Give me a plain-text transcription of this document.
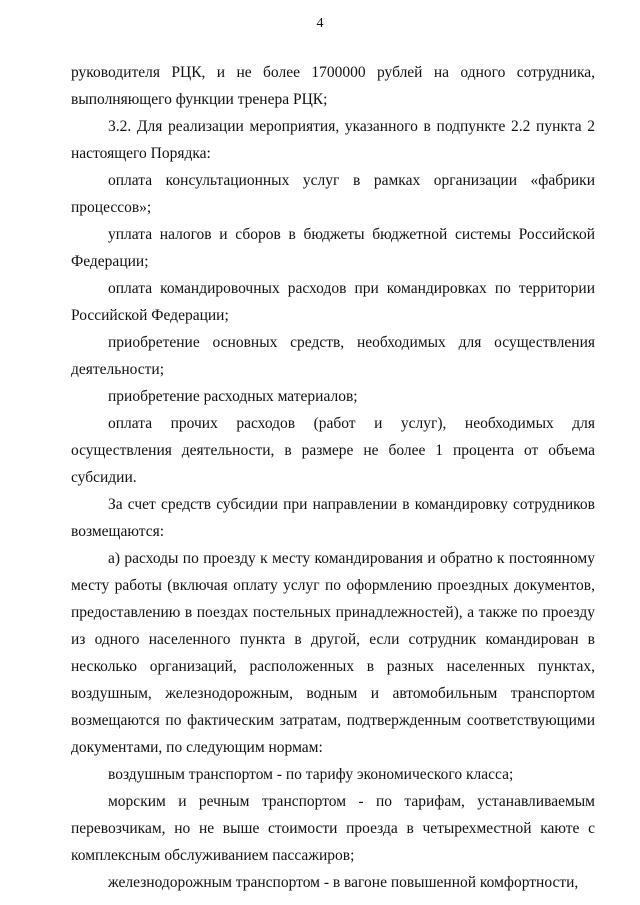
4

руководителя РЦК, и не более 1700000 рублей на одного сотрудника, выполняющего функции тренера РЦК;

3.2. Для реализации мероприятия, указанного в подпункте 2.2 пункта 2 настоящего Порядка:

оплата консультационных услуг в рамках организации «фабрики процессов»;

уплата налогов и сборов в бюджеты бюджетной системы Российской Федерации;

оплата командировочных расходов при командировках по территории Российской Федерации;

приобретение основных средств, необходимых для осуществления деятельности;

приобретение расходных материалов;

оплата прочих расходов (работ и услуг), необходимых для осуществления деятельности, в размере не более 1 процента от объема субсидии.

За счет средств субсидии при направлении в командировку сотрудников возмещаются:

а) расходы по проезду к месту командирования и обратно к постоянному месту работы (включая оплату услуг по оформлению проездных документов, предоставлению в поездах постельных принадлежностей), а также по проезду из одного населенного пункта в другой, если сотрудник командирован в несколько организаций, расположенных в разных населенных пунктах, воздушным, железнодорожным, водным и автомобильным транспортом возмещаются по фактическим затратам, подтвержденным соответствующими документами, по следующим нормам:

воздушным транспортом - по тарифу экономического класса;

морским и речным транспортом - по тарифам, устанавливаемым перевозчикам, но не выше стоимости проезда в четырехместной каюте с комплексным обслуживанием пассажиров;

железнодорожным транспортом - в вагоне повышенной комфортности,
